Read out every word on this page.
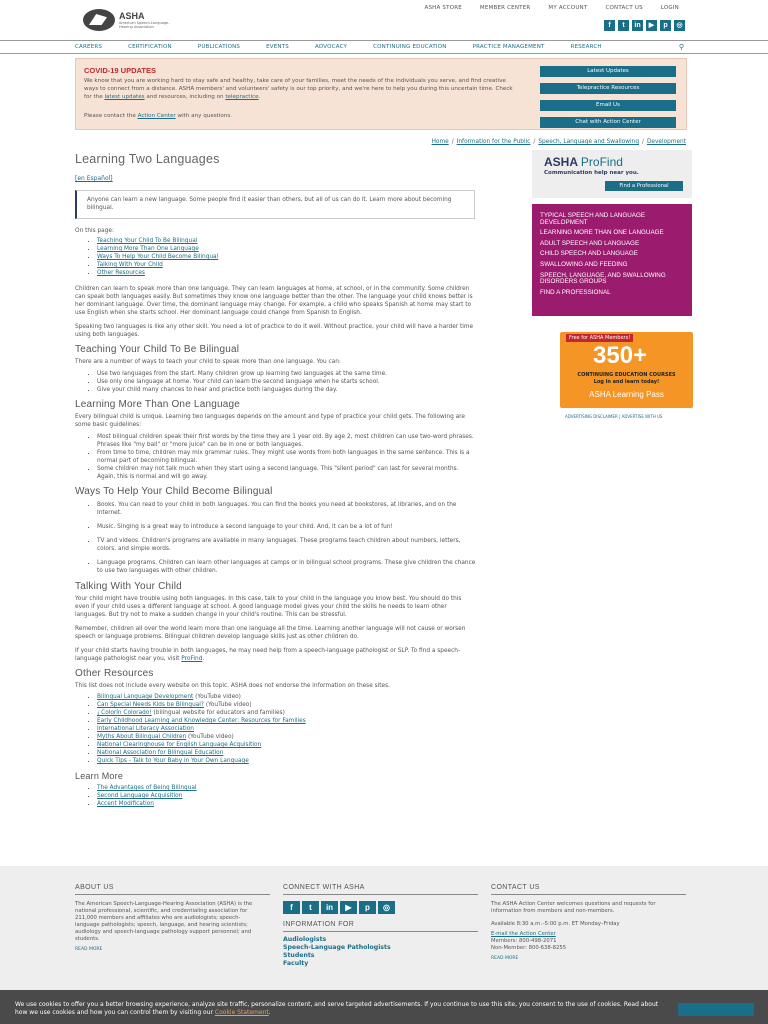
ASHA
American Speech-Language-Hearing Association
ASHA STORE	MEMBER CENTER	MY ACCOUNT	CONTACT US	LOGIN
f	t	in	▶	p	◎
CAREERS	CERTIFICATION	PUBLICATIONS	EVENTS	ADVOCACY	CONTINUING EDUCATION	PRACTICE MANAGEMENT	RESEARCH	⚲
COVID-19 UPDATES
We know that you are working hard to stay safe and healthy, take care of your families, meet the needs of the individuals you serve, and find creative ways to connect from a distance. ASHA members' and volunteers' safety is our top priority, and we're here to help you during this uncertain time. Check for the latest updates and resources, including on telepractice.
Please contact the Action Center with any questions.
Latest Updates
Telepractice Resources
Email Us
Chat with Action Center
Home / Information for the Public / Speech, Language and Swallowing / Development
Learning Two Languages
[en Español]
Anyone can learn a new language. Some people find it easier than others, but all of us can do it. Learn more about becoming bilingual.
On this page:
▪ Teaching Your Child To Be Bilingual
▪ Learning More Than One Language
▪ Ways To Help Your Child Become Bilingual
▪ Talking With Your Child
▪ Other Resources

Children can learn to speak more than one language. They can learn languages at home, at school, or in the community. Some children can speak both languages easily. But sometimes they know one language better than the other. The language your child knows better is her dominant language. Over time, the dominant language may change. For example, a child who speaks Spanish at home may start to use English when she starts school. Her dominant language could change from Spanish to English.

Speaking two languages is like any other skill. You need a lot of practice to do it well. Without practice, your child will have a harder time using both languages.

Teaching Your Child To Be Bilingual

There are a number of ways to teach your child to speak more than one language. You can:

▪ Use two languages from the start. Many children grow up learning two languages at the same time.
▪ Use only one language at home. Your child can learn the second language when he starts school.
▪ Give your child many chances to hear and practice both languages during the day.
Learning More Than One Language

Every bilingual child is unique. Learning two languages depends on the amount and type of practice your child gets. The following are some basic guidelines:

▪ Most bilingual children speak their first words by the time they are 1 year old. By age 2, most children can use two-word phrases. Phrases like "my ball" or "more juice" can be in one or both languages.
▪ From time to time, children may mix grammar rules. They might use words from both languages in the same sentence. This is a normal part of becoming bilingual.
▪ Some children may not talk much when they start using a second language. This "silent period" can last for several months. Again, this is normal and will go away.
Ways To Help Your Child Become Bilingual
▪ Books. You can read to your child in both languages. You can find the books you need at bookstores, at libraries, and on the Internet.
▪ Music. Singing is a great way to introduce a second language to your child. And, it can be a lot of fun!
▪ TV and videos. Children's programs are available in many languages. These programs teach children about numbers, letters, colors, and simple words.
▪ Language programs. Children can learn other languages at camps or in bilingual school programs. These give children the chance to use two languages with other children.
Talking With Your Child

Your child might have trouble using both languages. In this case, talk to your child in the language you know best. You should do this even if your child uses a different language at school. A good language model gives your child the skills he needs to learn other languages. But try not to make a sudden change in your child's routine. This can be stressful.

Remember, children all over the world learn more than one language all the time. Learning another language will not cause or worsen speech or language problems. Bilingual children develop language skills just as other children do.

If your child starts having trouble in both languages, he may need help from a speech-language pathologist or SLP. To find a speech-language pathologist near you, visit ProFind.

Other Resources

This list does not include every website on this topic. ASHA does not endorse the information on these sites.

▪ Bilingual Language Development (YouTube video)
▪ Can Special Needs Kids be Bilingual? (YouTube video)
▪ ¡ Colorín Colorado! (bilingual website for educators and families)
▪ Early Childhood Learning and Knowledge Center: Resources for Families
▪ International Literacy Association
▪ Myths About Bilingual Children (YouTube video)
▪ National Clearinghouse for English Language Acquisition
▪ National Association for Bilingual Education
▪ Quick Tips - Talk to Your Baby in Your Own Language
Learn More
▪ The Advantages of Being Bilingual
▪ Second Language Acquisition
▪ Accent Modification
ASHA ProFind
Communication help near you.
Find a Professional
TYPICAL SPEECH AND LANGUAGE DEVELOPMENT
LEARNING MORE THAN ONE LANGUAGE
ADULT SPEECH AND LANGUAGE
CHILD SPEECH AND LANGUAGE
SWALLOWING AND FEEDING
SPEECH, LANGUAGE, AND SWALLOWING DISORDERS GROUPS
FIND A PROFESSIONAL
Free for ASHA Members!
350+
CONTINUING EDUCATION COURSES
Log in and learn today!
ASHA Learning Pass
ADVERTISING DISCLAIMER | ADVERTISE WITH US
ABOUT US

The American Speech-Language-Hearing Association (ASHA) is the national professional, scientific, and credentialing association for 211,000 members and affiliates who are audiologists; speech-language pathologists; speech, language, and hearing scientists; audiology and speech-language pathology support personnel; and students.

READ MORE
CONNECT WITH ASHA
f	t	in	▶	p	◎
INFORMATION FOR
Audiologists
Speech-Language Pathologists
Students
Faculty
CONTACT US

The ASHA Action Center welcomes questions and requests for information from members and non-members.

Available 8:30 a.m.–5:00 p.m. ET Monday–Friday

E-mail the Action Center
Members: 800-498-2071
Non-Member: 800-638-8255

READ MORE
We use cookies to offer you a better browsing experience, analyze site traffic, personalize content, and serve targeted advertisements. If you continue to use this site, you consent to the use of cookies. Read about how we use cookies and how you can control them by visiting our Cookie Statement.
